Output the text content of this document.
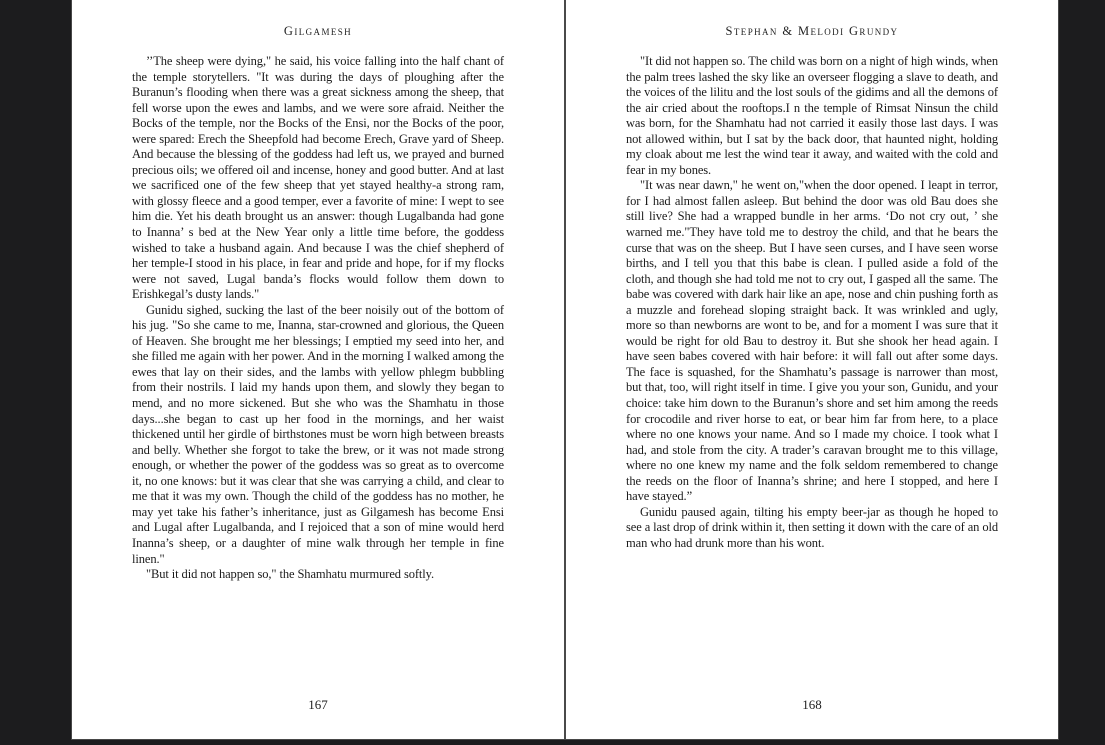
Gilgamesh

’’The sheep were dying," he said, his voice falling into the half chant of the temple storytellers. "It was during the days of ploughing after the Buranun’s flooding when there was a great sickness among the sheep, that fell worse upon the ewes and lambs, and we were sore afraid. Neither the Bocks of the temple, nor the Bocks of the Ensi, nor the Bocks of the poor, were spared: Erech the Sheepfold had become Erech, Grave yard of Sheep. And because the blessing of the goddess had left us, we prayed and burned precious oils; we offered oil and incense, honey and good butter. And at last we sacrificed one of the few sheep that yet stayed healthy-a strong ram, with glossy fleece and a good temper, ever a favorite of mine: I wept to see him die. Yet his death brought us an answer: though Lugalbanda had gone to Inanna’ s bed at the New Year only a little time before, the goddess wished to take a husband again. And because I was the chief shepherd of her temple-I stood in his place, in fear and pride and hope, for if my flocks were not saved, Lugal banda’s flocks would follow them down to Erishkegal’s dusty lands."

Gunidu sighed, sucking the last of the beer noisily out of the bottom of his jug. "So she came to me, Inanna, star-crowned and glorious, the Queen of Heaven. She brought me her blessings; I emptied my seed into her, and she filled me again with her power. And in the morning I walked among the ewes that lay on their sides, and the lambs with yellow phlegm bubbling from their nostrils. I laid my hands upon them, and slowly they began to mend, and no more sickened. But she who was the Shamhatu in those days...she began to cast up her food in the mornings, and her waist thickened until her girdle of birthstones must be worn high between breasts and belly. Whether she forgot to take the brew, or it was not made strong enough, or whether the power of the goddess was so great as to overcome it, no one knows: but it was clear that she was carrying a child, and clear to me that it was my own. Though the child of the goddess has no mother, he may yet take his father’s inheritance, just as Gilgamesh has become Ensi and Lugal after Lugalbanda, and I rejoiced that a son of mine would herd Inanna’s sheep, or a daughter of mine walk through her temple in fine linen."

"But it did not happen so," the Shamhatu murmured softly.

167
Stephan & Melodi Grundy

"It did not happen so. The child was born on a night of high winds, when the palm trees lashed the sky like an overseer flogging a slave to death, and the voices of the lilitu and the lost souls of the gidims and all the demons of the air cried about the rooftops.I n the temple of Rimsat Ninsun the child was born, for the Shamhatu had not carried it easily those last days. I was not allowed within, but I sat by the back door, that haunted night, holding my cloak about me lest the wind tear it away, and waited with the cold and fear in my bones.

"It was near dawn," he went on,"when the door opened. I leapt in terror, for I had almost fallen asleep. But behind the door was old Bau does she still live? She had a wrapped bundle in her arms. ‘Do not cry out, ’ she warned me."They have told me to destroy the child, and that he bears the curse that was on the sheep. But I have seen curses, and I have seen worse births, and I tell you that this babe is clean. I pulled aside a fold of the cloth, and though she had told me not to cry out, I gasped all the same. The babe was covered with dark hair like an ape, nose and chin pushing forth as a muzzle and forehead sloping straight back. It was wrinkled and ugly, more so than newborns are wont to be, and for a moment I was sure that it would be right for old Bau to destroy it. But she shook her head again. I have seen babes covered with hair before: it will fall out after some days. The face is squashed, for the Shamhatu’s passage is narrower than most, but that, too, will right itself in time. I give you your son, Gunidu, and your choice: take him down to the Buranun’s shore and set him among the reeds for crocodile and river horse to eat, or bear him far from here, to a place where no one knows your name. And so I made my choice. I took what I had, and stole from the city. A trader’s caravan brought me to this village, where no one knew my name and the folk seldom remembered to change the reeds on the floor of Inanna’s shrine; and here I stopped, and here I have stayed.”

Gunidu paused again, tilting his empty beer-jar as though he hoped to see a last drop of drink within it, then setting it down with the care of an old man who had drunk more than his wont.

168
